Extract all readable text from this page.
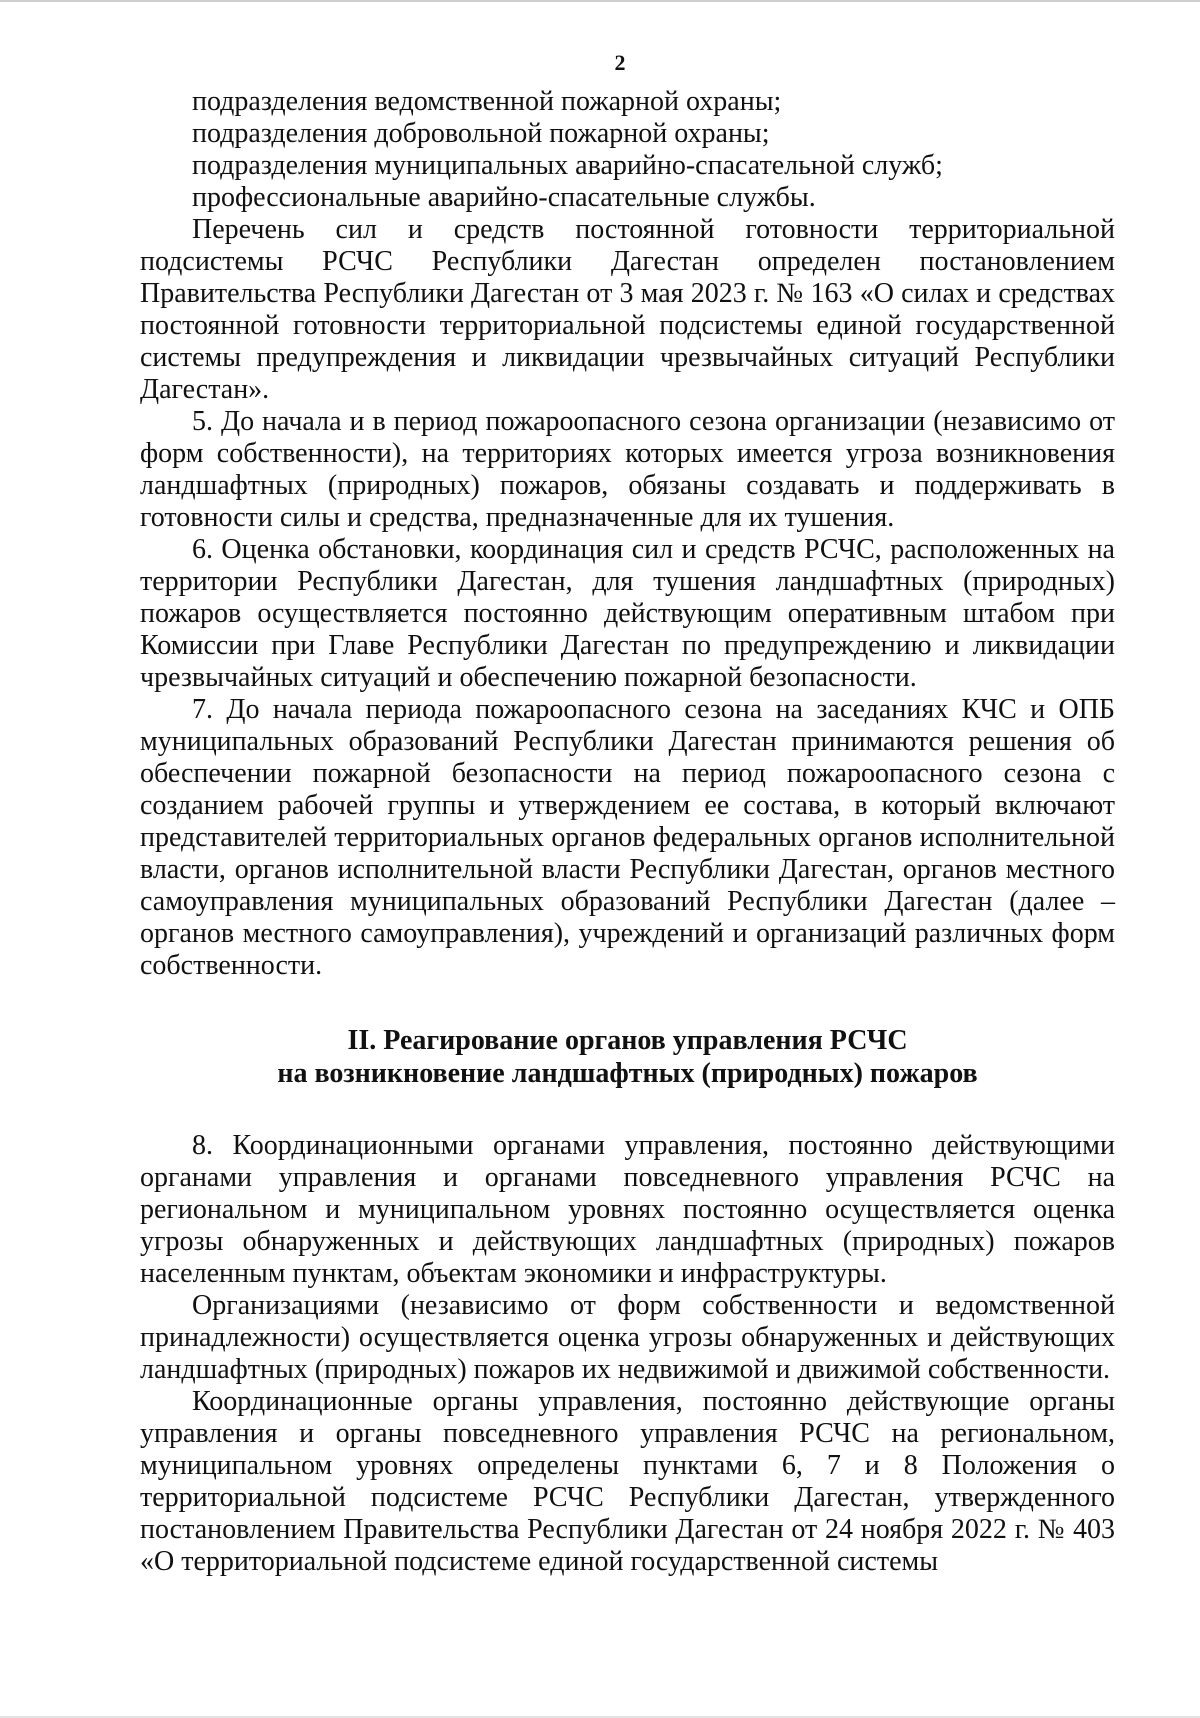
2

подразделения ведомственной пожарной охраны;

подразделения добровольной пожарной охраны;

подразделения муниципальных аварийно-спасательной служб;

профессиональные аварийно-спасательные службы.

Перечень сил и средств постоянной готовности территориальной подсистемы РСЧС Республики Дагестан определен постановлением Правительства Республики Дагестан от 3 мая 2023 г. № 163 «О силах и средствах постоянной готовности территориальной подсистемы единой государственной системы предупреждения и ликвидации чрезвычайных ситуаций Республики Дагестан».

5. До начала и в период пожароопасного сезона организации (независимо от форм собственности), на территориях которых имеется угроза возникновения ландшафтных (природных) пожаров, обязаны создавать и поддерживать в готовности силы и средства, предназначенные для их тушения.

6. Оценка обстановки, координация сил и средств РСЧС, расположенных на территории Республики Дагестан, для тушения ландшафтных (природных) пожаров осуществляется постоянно действующим оперативным штабом при Комиссии при Главе Республики Дагестан по предупреждению и ликвидации чрезвычайных ситуаций и обеспечению пожарной безопасности.

7. До начала периода пожароопасного сезона на заседаниях КЧС и ОПБ муниципальных образований Республики Дагестан принимаются решения об обеспечении пожарной безопасности на период пожароопасного сезона с созданием рабочей группы и утверждением ее состава, в который включают представителей территориальных органов федеральных органов исполнительной власти, органов исполнительной власти Республики Дагестан, органов местного самоуправления муниципальных образований Республики Дагестан (далее – органов местного самоуправления), учреждений и организаций различных форм собственности.

II. Реагирование органов управления РСЧС
на возникновение ландшафтных (природных) пожаров

8. Координационными органами управления, постоянно действующими органами управления и органами повседневного управления РСЧС на региональном и муниципальном уровнях постоянно осуществляется оценка угрозы обнаруженных и действующих ландшафтных (природных) пожаров населенным пунктам, объектам экономики и инфраструктуры.

Организациями (независимо от форм собственности и ведомственной принадлежности) осуществляется оценка угрозы обнаруженных и действующих ландшафтных (природных) пожаров их недвижимой и движимой собственности.

Координационные органы управления, постоянно действующие органы управления и органы повседневного управления РСЧС на региональном, муниципальном уровнях определены пунктами 6, 7 и 8 Положения о территориальной подсистеме РСЧС Республики Дагестан, утвержденного постановлением Правительства Республики Дагестан от 24 ноября 2022 г. № 403 «О территориальной подсистеме единой государственной системы
